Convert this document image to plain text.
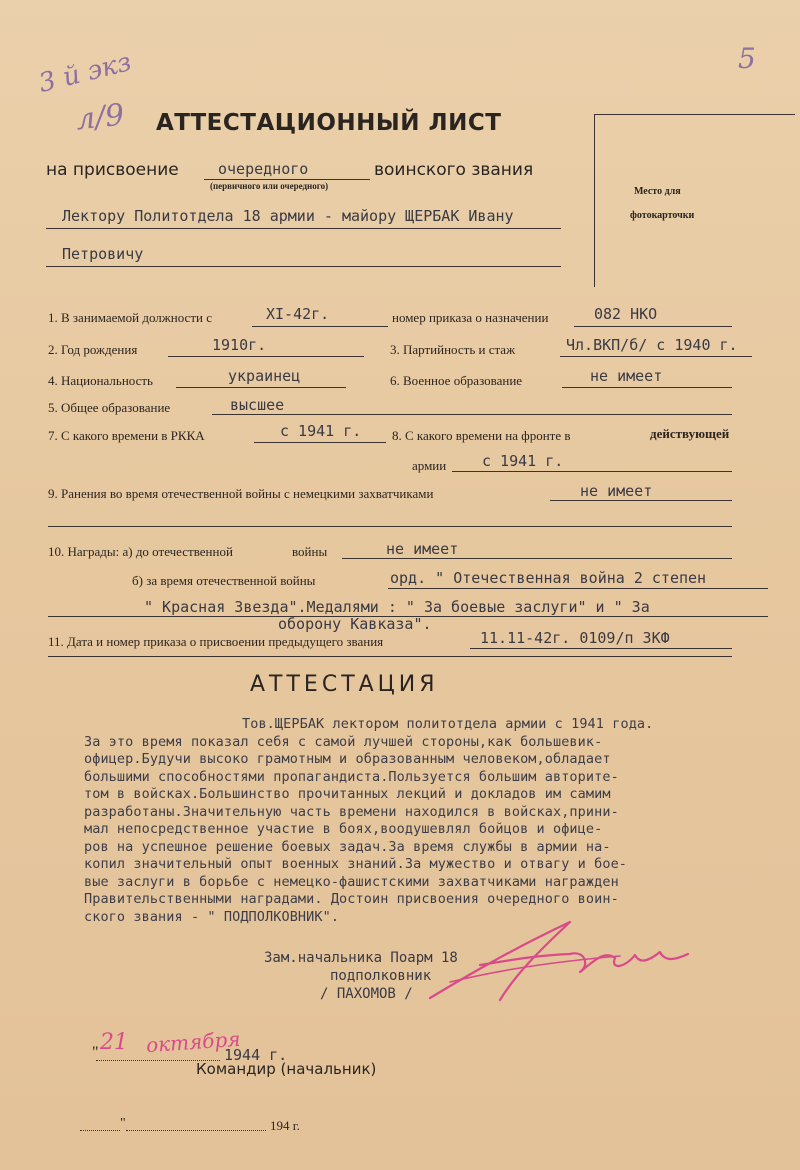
3 й экз
л/9
5
АТТЕСТАЦИОННЫЙ ЛИСТ
Место для
фотокарточки
на присвоение	очередного	воинского звания
(первичного или очередного)
Лектору Политотдела 18 армии - майору ЩЕРБАК Ивану
Петровичу
1. В занимаемой должности с	XI-42г.	номер приказа о назначении	082 НКО
2. Год рождения	1910г.	3. Партийность и стаж	Чл.ВКП/б/ с 1940 г.
4. Национальность	украинец	6. Военное образование	не имеет
5. Общее образование	высшее
7. С какого времени в РККА	с 1941 г. 8. С какого времени на фронте в	действующей
армии с 1941 г.
9. Ранения во время отечественной войны с немецкими захватчиками	не имеет
10. Награды: а) до отечественной	войны	не имеет
б) за время отечественной войны	орд. " Отечественная война 2 степен
" Красная Звезда".Медалями : " За боевые заслуги" и " За
оборону Кавказа".
11. Дата и номер приказа о присвоении предыдущего звания	11.11-42г. 0109/п ЗКФ
АТТЕСТАЦИЯ
Тов.ЩЕРБАК лектором политотдела армии с 1941 года.
За это время показал себя с самой лучшей стороны,как большевик-
офицер.Будучи высоко грамотным и образованным человеком,обладает
большими способностями пропагандиста.Пользуется большим авторите-
том в войсках.Большинство прочитанных лекций и докладов им самим
разработаны.Значительную часть времени находился в войсках,прини-
мал непосредственное участие в боях,воодушевлял бойцов и офице-
ров на успешное решение боевых задач.За время службы в армии на-
копил значительный опыт военных знаний.За мужество и отвагу и бое-
вые заслуги в борьбе с немецко-фашистскими захватчиками награжден
Правительственными наградами. Достоин присвоения очередного воин-
ского звания - " ПОДПОЛКОВНИК".
Зам.начальника Поарм 18
подполковник
/ ПАХОМОВ /
" 21 октября
1944 г.
Командир (начальник)
"	194 г.
